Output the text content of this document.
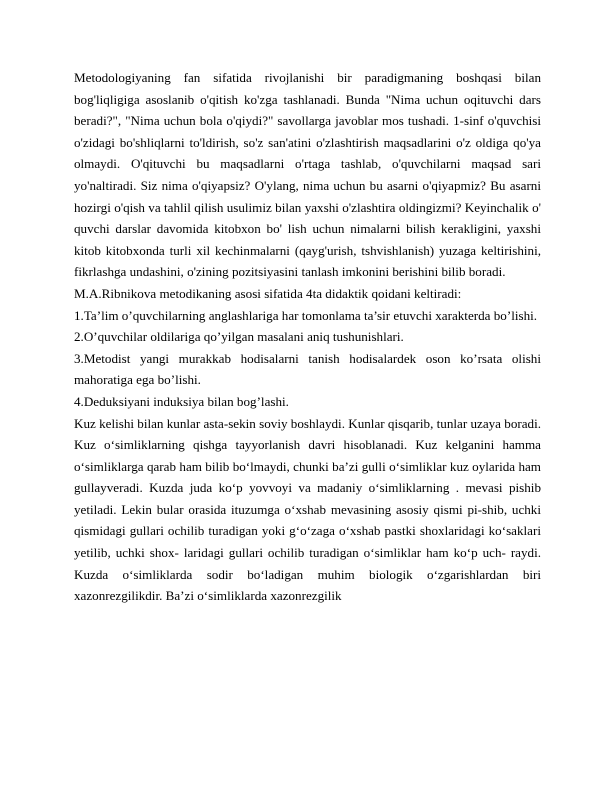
Metodologiyaning fan sifatida rivojlanishi bir paradigmaning boshqasi bilan bog'liqligiga asoslanib o'qitish ko'zga tashlanadi. Bunda "Nima uchun oqituvchi dars beradi?", "Nima uchun bola o'qiydi?" savollarga javoblar mos tushadi. 1-sinf o'quvchisi o'zidagi bo'shliqlarni to'ldirish, so'z san'atini o'zlashtirish maqsadlarini o'z oldiga qo'ya olmaydi. O'qituvchi bu maqsadlarni o'rtaga tashlab, o'quvchilarni maqsad sari yo'naltiradi. Siz nima o'qiyapsiz? O'ylang, nima uchun bu asarni o'qiyapmiz? Bu asarni hozirgi o'qish va tahlil qilish usulimiz bilan yaxshi o'zlashtira oldingizmi? Keyinchalik o' quvchi darslar davomida kitobxon bo' lish uchun nimalarni bilish kerakligini, yaxshi kitob kitobxonda turli xil kechinmalarni (qayg'urish, tshvishlanish) yuzaga keltirishini, fikrlashga undashini, o'zining pozitsiyasini tanlash imkonini berishini bilib boradi.

M.A.Ribnikova metodikaning asosi sifatida 4ta didaktik qoidani keltiradi:

1.Ta’lim o’quvchilarning anglashlariga har tomonlama ta’sir etuvchi xarakterda bo’lishi.

2.O’quvchilar oldilariga qo’yilgan masalani aniq tushunishlari.

3.Metodist yangi murakkab hodisalarni tanish hodisalardek oson ko’rsata olishi mahoratiga ega bo’lishi.

4.Deduksiyani induksiya bilan bog’lashi.

Kuz kelishi bilan kunlar asta-sekin soviy boshlaydi. Kunlar qisqarib, tunlar uzaya boradi. Kuz o‘simliklarning qishga tayyorlanish davri hisoblanadi. Kuz kelganini hamma o‘simliklarga qarab ham bilib bo‘lmaydi, chunki ba’zi gulli o‘simliklar kuz oylarida ham gullayveradi. Kuzda juda ko‘p yovvoyi va madaniy o‘simliklarning . mevasi pishib yetiladi. Lekin bular orasida ituzumga o‘xshab mevasining asosiy qismi pi-shib, uchki qismidagi gullari ochilib turadigan yoki g‘o‘zaga o‘xshab pastki shoxlaridagi ko‘saklari yetilib, uchki shox- laridagi gullari ochilib turadigan o‘simliklar ham ko‘p uch- raydi. Kuzda o‘simliklarda sodir bo‘ladigan muhim biologik o‘zgarishlardan biri xazonrezgilikdir. Ba’zi o‘simliklarda xazonrezgilik
